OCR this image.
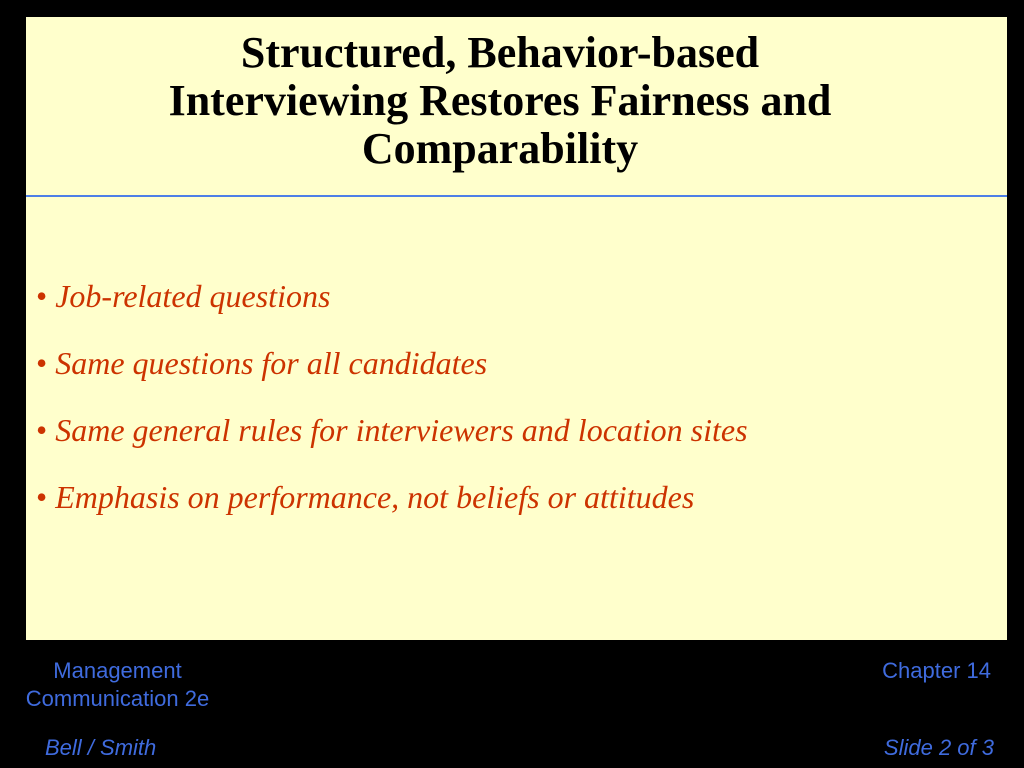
Structured, Behavior-based
Interviewing Restores Fairness and
Comparability
• Job-related questions
• Same questions for all candidates
• Same general rules for interviewers and location sites
• Emphasis on performance, not beliefs or attitudes
Management
Communication 2e
Bell / Smith
Chapter 14
Slide 2 of 3
